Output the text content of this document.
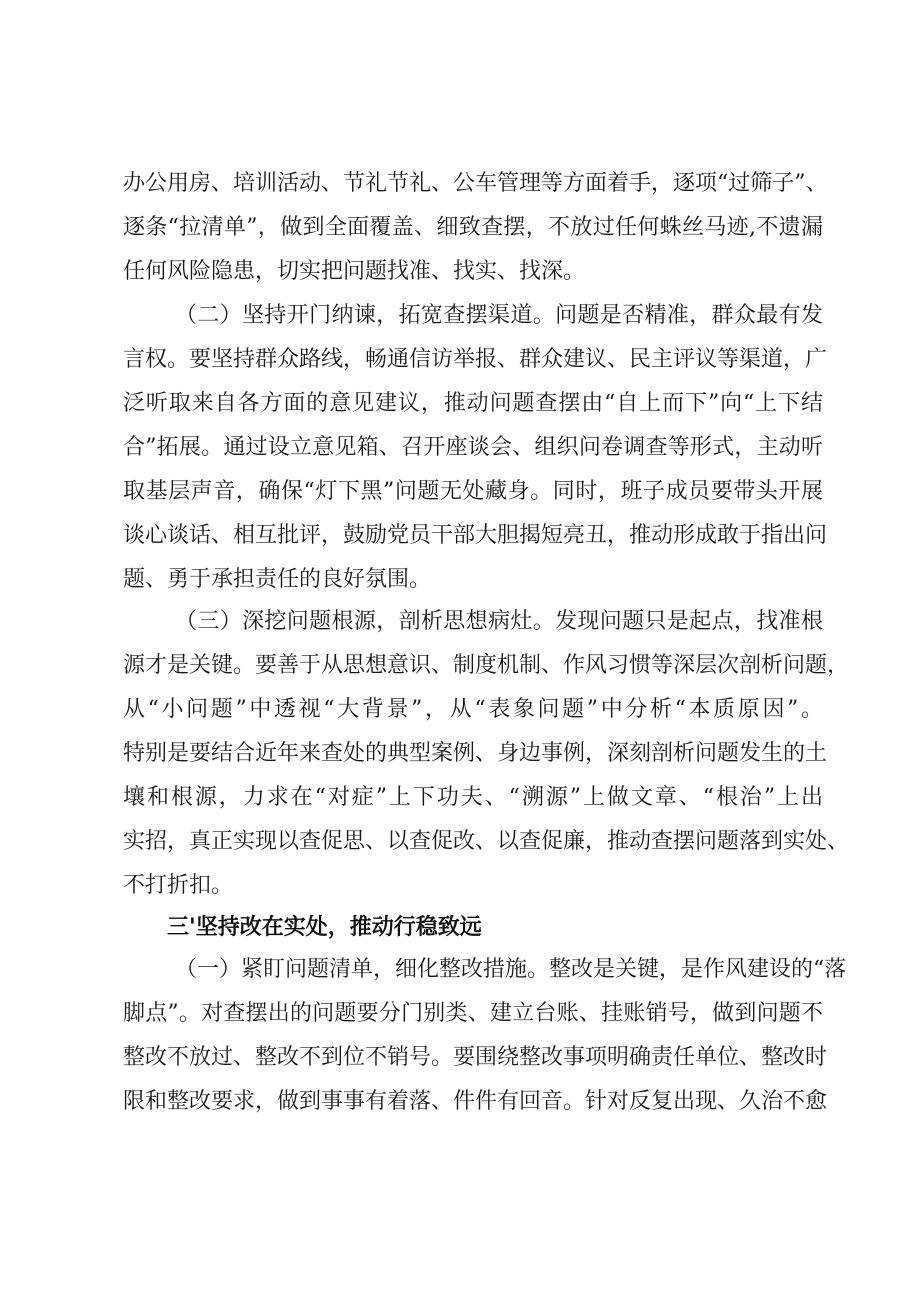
办公用房、培训活动、节礼节礼、公车管理等方面着手，逐项“过筛子”、

逐条“拉清单”，做到全面覆盖、细致查摆，不放过任何蛛丝马迹,不遗漏

任何风险隐患，切实把问题找准、找实、找深。

（二）坚持开门纳谏，拓宽查摆渠道。问题是否精准，群众最有发

言权。要坚持群众路线，畅通信访举报、群众建议、民主评议等渠道，广

泛听取来自各方面的意见建议，推动问题查摆由“自上而下”向“上下结

合”拓展。通过设立意见箱、召开座谈会、组织问卷调查等形式，主动听

取基层声音，确保“灯下黑”问题无处藏身。同时，班子成员要带头开展

谈心谈话、相互批评，鼓励党员干部大胆揭短亮丑，推动形成敢于指出问

题、勇于承担责任的良好氛围。

（三）深挖问题根源，剖析思想病灶。发现问题只是起点，找准根

源才是关键。要善于从思想意识、制度机制、作风习惯等深层次剖析问题，

从“小问题”中透视“大背景”，从“表象问题”中分析“本质原因”。

特别是要结合近年来查处的典型案例、身边事例，深刻剖析问题发生的土

壤和根源，力求在“对症”上下功夫、“溯源”上做文章、“根治”上出

实招，真正实现以查促思、以查促改、以查促廉，推动查摆问题落到实处、

不打折扣。

三'坚持改在实处，推动行稳致远

（一）紧盯问题清单，细化整改措施。整改是关键，是作风建设的“落

脚点”。对查摆出的问题要分门别类、建立台账、挂账销号，做到问题不

整改不放过、整改不到位不销号。要围绕整改事项明确责任单位、整改时

限和整改要求，做到事事有着落、件件有回音。针对反复出现、久治不愈
